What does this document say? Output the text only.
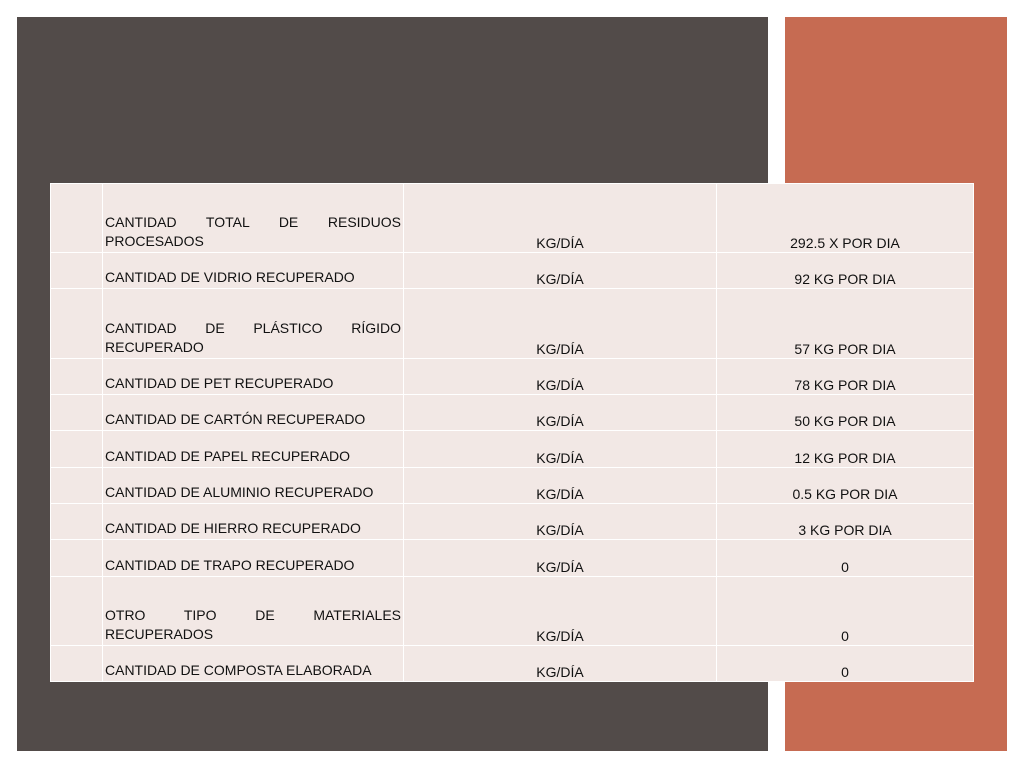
	CANTIDAD TOTAL DE RESIDUOS PROCESADOS	KG/DÍA	292.5 X POR DIA
	CANTIDAD DE VIDRIO RECUPERADO	KG/DÍA	92 KG POR DIA
	CANTIDAD DE PLÁSTICO RÍGIDO RECUPERADO	KG/DÍA	57 KG POR DIA
	CANTIDAD DE PET RECUPERADO	KG/DÍA	78 KG POR DIA
	CANTIDAD DE CARTÓN RECUPERADO	KG/DÍA	50 KG POR DIA
	CANTIDAD DE PAPEL RECUPERADO	KG/DÍA	12 KG POR DIA
	CANTIDAD DE ALUMINIO RECUPERADO	KG/DÍA	0.5 KG POR DIA
	CANTIDAD DE HIERRO RECUPERADO	KG/DÍA	3 KG POR DIA
	CANTIDAD DE TRAPO RECUPERADO	KG/DÍA	0
	OTRO TIPO DE MATERIALES RECUPERADOS	KG/DÍA	0
	CANTIDAD DE COMPOSTA ELABORADA	KG/DÍA	0
